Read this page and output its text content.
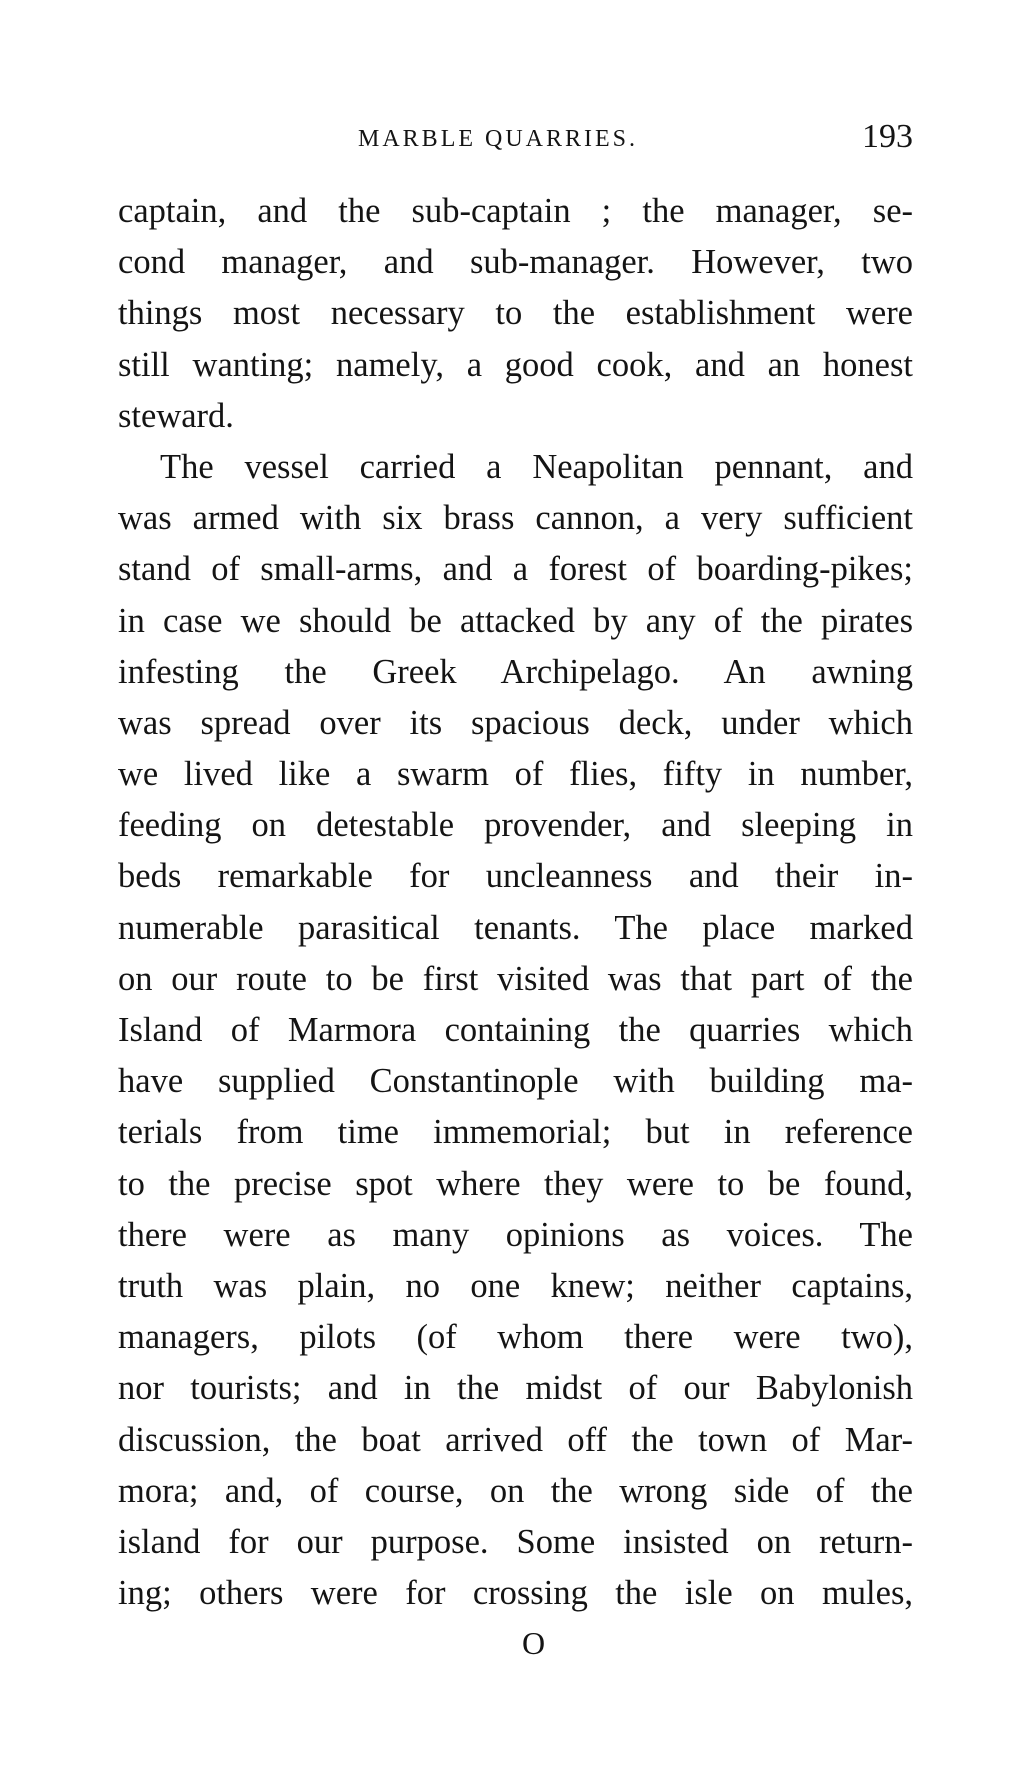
MARBLE QUARRIES.	193
captain, and the sub-captain ; the manager, se-
cond manager, and sub-manager. However, two
things most necessary to the establishment were
still wanting; namely, a good cook, and an honest
steward.
The vessel carried a Neapolitan pennant, and
was armed with six brass cannon, a very sufficient
stand of small-arms, and a forest of boarding-pikes;
in case we should be attacked by any of the pirates
infesting the Greek Archipelago. An awning
was spread over its spacious deck, under which
we lived like a swarm of flies, fifty in number,
feeding on detestable provender, and sleeping in
beds remarkable for uncleanness and their in-
numerable parasitical tenants. The place marked
on our route to be first visited was that part of the
Island of Marmora containing the quarries which
have supplied Constantinople with building ma-
terials from time immemorial; but in reference
to the precise spot where they were to be found,
there were as many opinions as voices. The
truth was plain, no one knew; neither captains,
managers, pilots (of whom there were two),
nor tourists; and in the midst of our Babylonish
discussion, the boat arrived off the town of Mar-
mora; and, of course, on the wrong side of the
island for our purpose. Some insisted on return-
ing; others were for crossing the isle on mules,
O
